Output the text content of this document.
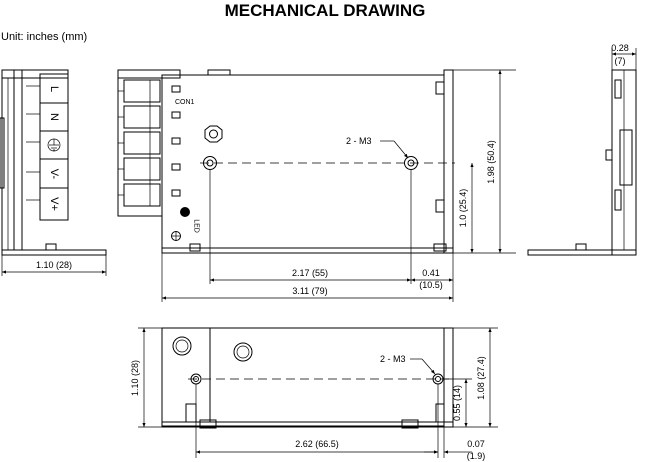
MECHANICAL DRAWING
Unit: inches (mm)
L
N
V-
V+
1.10 (28)
CON1
LED
2 - M3
2.17 (55)	0.41
(10.5)
3.11 (79)
1.98 (50.4)
1.0 (25.4)
0.28
(7)
2 - M3
1.10 (28)	1.08 (27.4)
0.55 (14)
2.62 (66.5)	0.07
(1.9)
